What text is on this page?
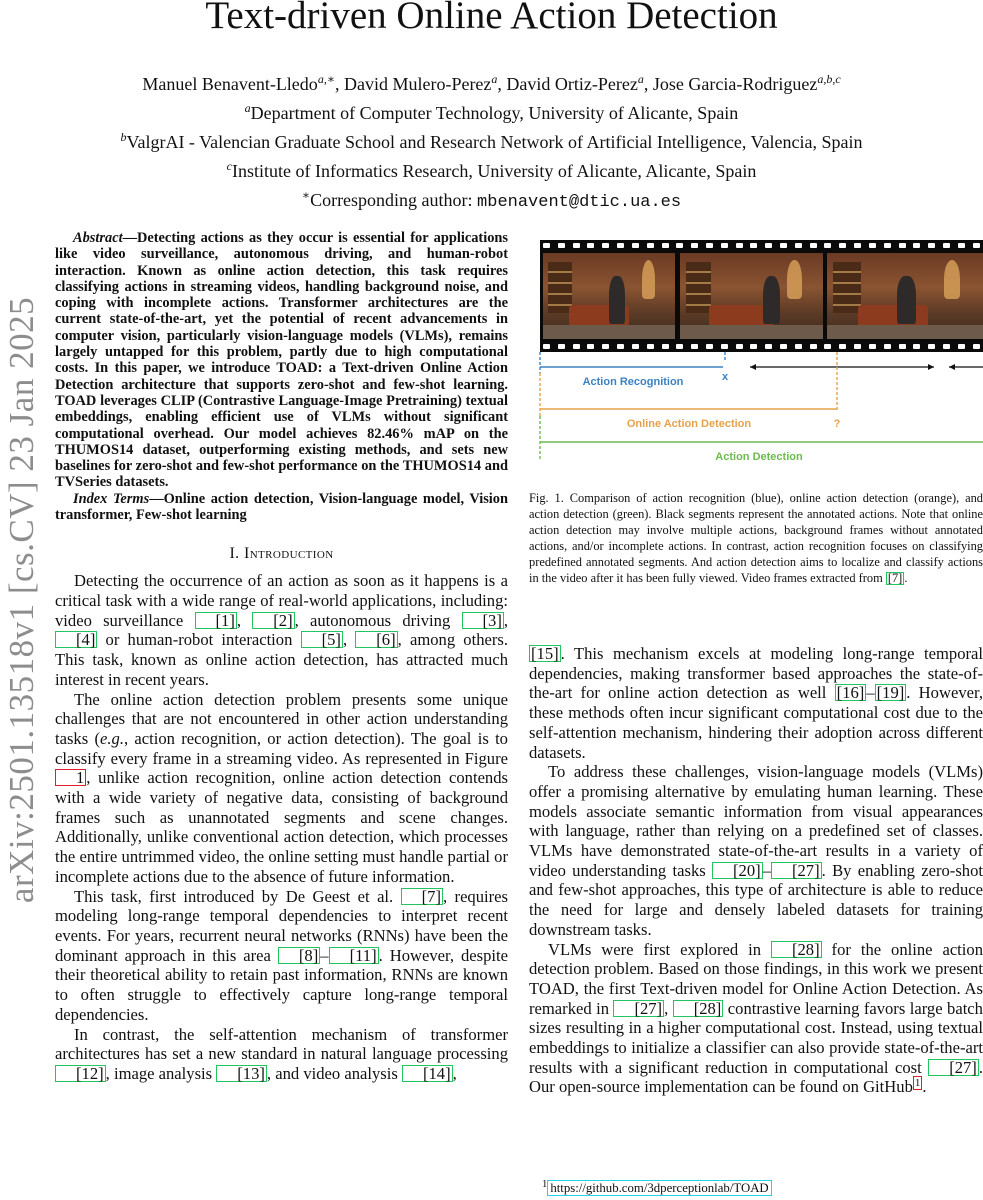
Text-driven Online Action Detection
Manuel Benavent-Lledo$^{a,∗}$, David Mulero-Perez$^a$, David Ortiz-Perez$^a$, Jose Garcia-Rodriguez$^{a,b,c}$
$^a$Department of Computer Technology, University of Alicante, Spain
$^b$ValgrAI - Valencian Graduate School and Research Network of Artificial Intelligence, Valencia, Spain
$^c$Institute of Informatics Research, University of Alicante, Alicante, Spain
∗Corresponding author: mbenavent@dtic.ua.es
arXiv:2501.13518v1 [cs.CV] 23 Jan 2025

Abstract—Detecting actions as they occur is essential for applications like video surveillance, autonomous driving, and human-robot interaction. Known as online action detection, this task requires classifying actions in streaming videos, handling background noise, and coping with incomplete actions. Transformer architectures are the current state-of-the-art, yet the potential of recent advancements in computer vision, particularly vision-language models (VLMs), remains largely untapped for this problem, partly due to high computational costs. In this paper, we introduce TOAD: a Text-driven Online Action Detection architecture that supports zero-shot and few-shot learning. TOAD leverages CLIP (Contrastive Language-Image Pretraining) textual embeddings, enabling efficient use of VLMs without significant computational overhead. Our model achieves 82.46% mAP on the THUMOS14 dataset, outperforming existing methods, and sets new baselines for zero-shot and few-shot performance on the THUMOS14 and TVSeries datasets.

Index Terms—Online action detection, Vision-language model, Vision transformer, Few-shot learning

I. Introduction

Detecting the occurrence of an action as soon as it happens is a critical task with a wide range of real-world applications, including: video surveillance [1] , [2] , autonomous driving [3] , [4] or human-robot interaction [5] , [6] , among others. This task, known as online action detection, has attracted much interest in recent years.

The online action detection problem presents some unique challenges that are not encountered in other action understanding tasks (e.g., action recognition, or action detection). The goal is to classify every frame in a streaming video. As represented in Figure 1 , unlike action recognition, online action detection contends with a wide variety of negative data, consisting of background frames such as unannotated segments and scene changes. Additionally, unlike conventional action detection, which processes the entire untrimmed video, the online setting must handle partial or incomplete actions due to the absence of future information.

This task, first introduced by De Geest et al. [7] , requires modeling long-range temporal dependencies to interpret recent events. For years, recurrent neural networks (RNNs) have been the dominant approach in this area [8] – [11] . However, despite their theoretical ability to retain past information, RNNs are known to often struggle to effectively capture long-range temporal dependencies.

In contrast, the self-attention mechanism of transformer architectures has set a new standard in natural language processing [12] , image analysis [13] , and video analysis [14] ,

Action Recognition	x
Online Action Detection	?
Action Detection

Fig. 1. Comparison of action recognition (blue), online action detection (orange), and action detection (green). Black segments represent the annotated actions. Note that online action detection may involve multiple actions, background frames without annotated actions, and/or incomplete actions. In contrast, action recognition focuses on classifying predefined annotated segments. And action detection aims to localize and classify actions in the video after it has been fully viewed. Video frames extracted from [7] .

[15] . This mechanism excels at modeling long-range temporal dependencies, making transformer based approaches the state-of-the-art for online action detection as well [16] – [19] . However, these methods often incur significant computational cost due to the self-attention mechanism, hindering their adoption across different datasets.

To address these challenges, vision-language models (VLMs) offer a promising alternative by emulating human learning. These models associate semantic information from visual appearances with language, rather than relying on a predefined set of classes. VLMs have demonstrated state-of-the-art results in a variety of video understanding tasks [20] – [27] . By enabling zero-shot and few-shot approaches, this type of architecture is able to reduce the need for large and densely labeled datasets for training downstream tasks.

VLMs were first explored in [28] for the online action detection problem. Based on those findings, in this work we present TOAD, the first Text-driven model for Online Action Detection. As remarked in [27] , [28] contrastive learning favors large batch sizes resulting in a higher computational cost. Instead, using textual embeddings to initialize a classifier can also provide state-of-the-art results with a significant reduction in computational cost [27] . Our open-source implementation can be found on GitHub $^1$ .

$^1$ https://github.com/3dperceptionlab/TOAD
